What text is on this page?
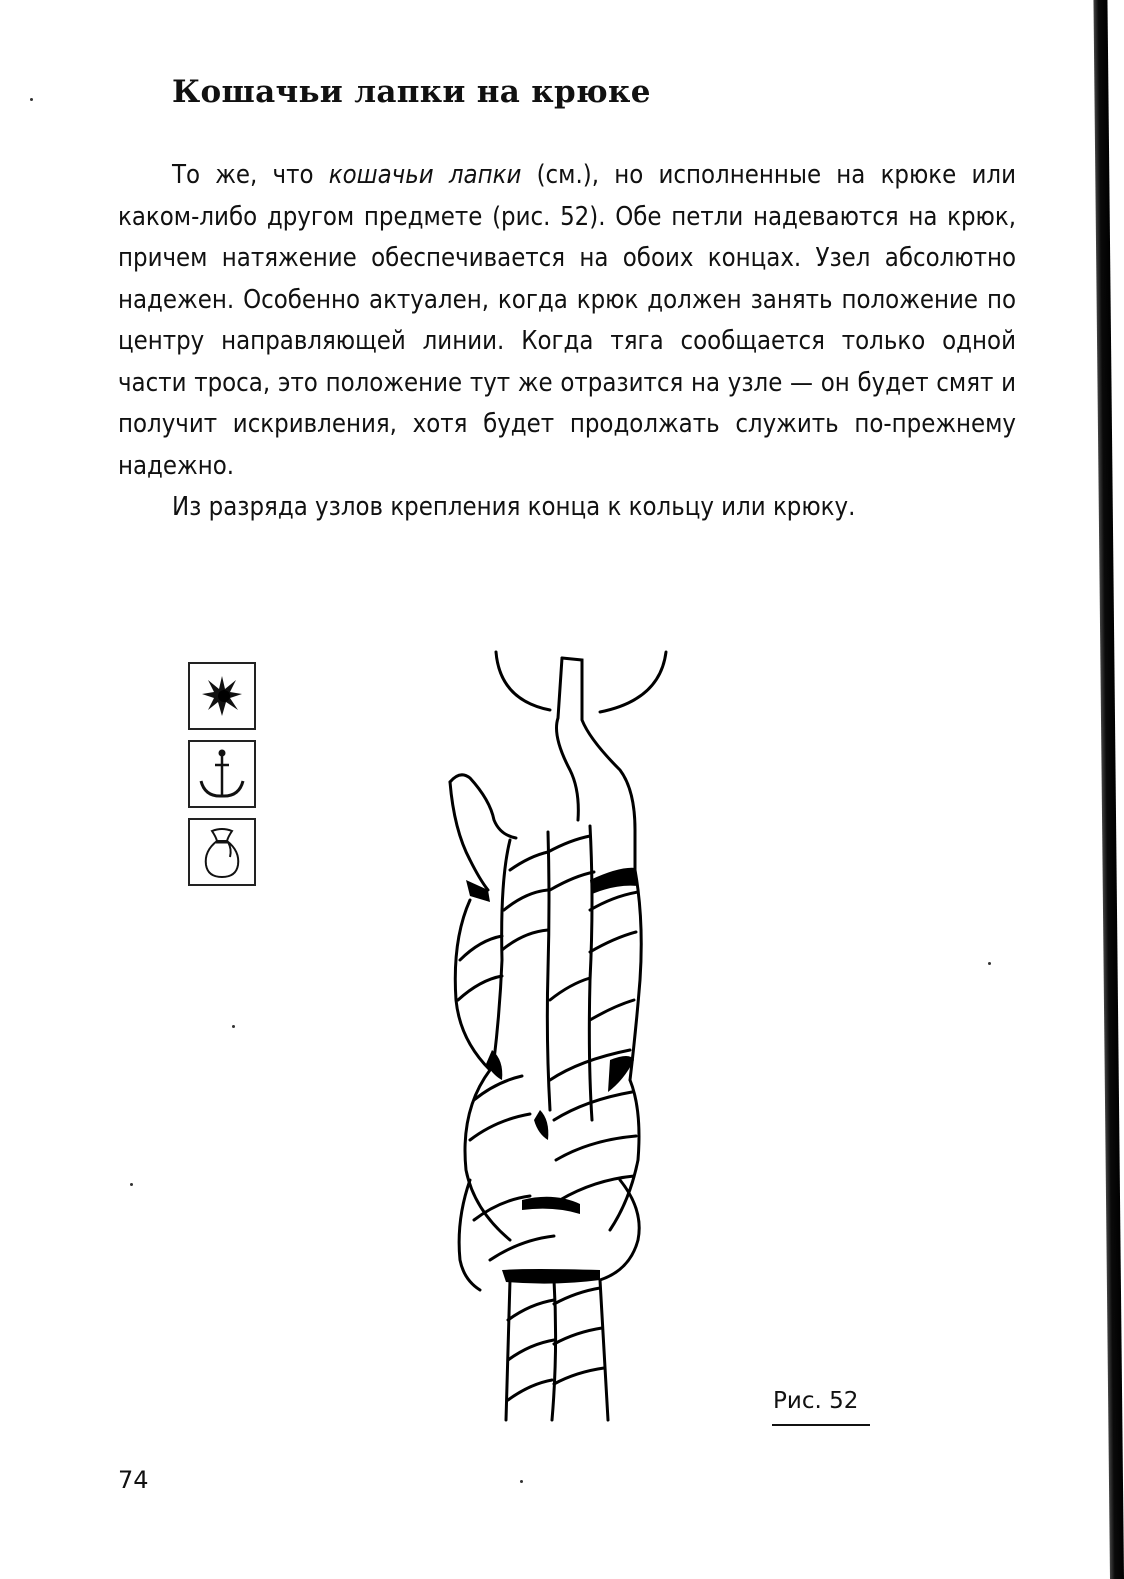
Кошачьи лапки на крюке

То же, что кошачьи лапки (см.), но исполненные на крюке или каком-либо другом предмете (рис. 52). Обе петли надеваются на крюк, причем натяжение обеспечивается на обоих концах. Узел абсолютно надежен. Особенно актуален, когда крюк должен занять положение по центру направляющей линии. Когда тяга сообщается только одной части троса, это положение тут же отразится на узле — он будет смят и получит искривления, хотя будет продолжать служить по-прежнему надежно.

Из разряда узлов крепления конца к кольцу или крюку.

Рис. 52
74
